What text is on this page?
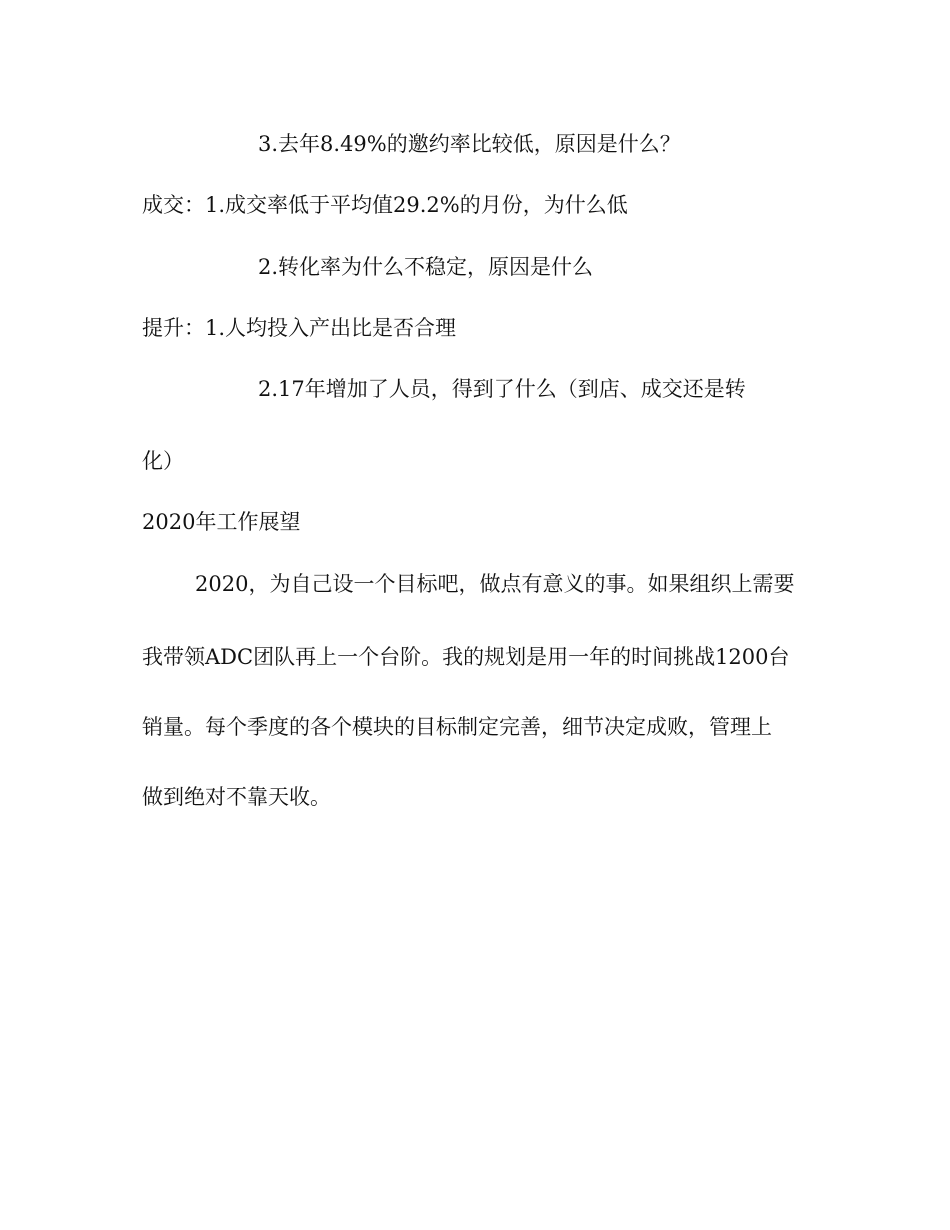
3.去年8.49%的邀约率比较低，原因是什么？
成交：1.成交率低于平均值29.2%的月份，为什么低
2.转化率为什么不稳定，原因是什么
提升：1.人均投入产出比是否合理
2.17年增加了人员，得到了什么（到店、成交还是转
化）
2020年工作展望
2020，为自己设一个目标吧，做点有意义的事。如果组织上需要
我带领ADC团队再上一个台阶。我的规划是用一年的时间挑战1200台
销量。每个季度的各个模块的目标制定完善，细节决定成败，管理上
做到绝对不靠天收。
